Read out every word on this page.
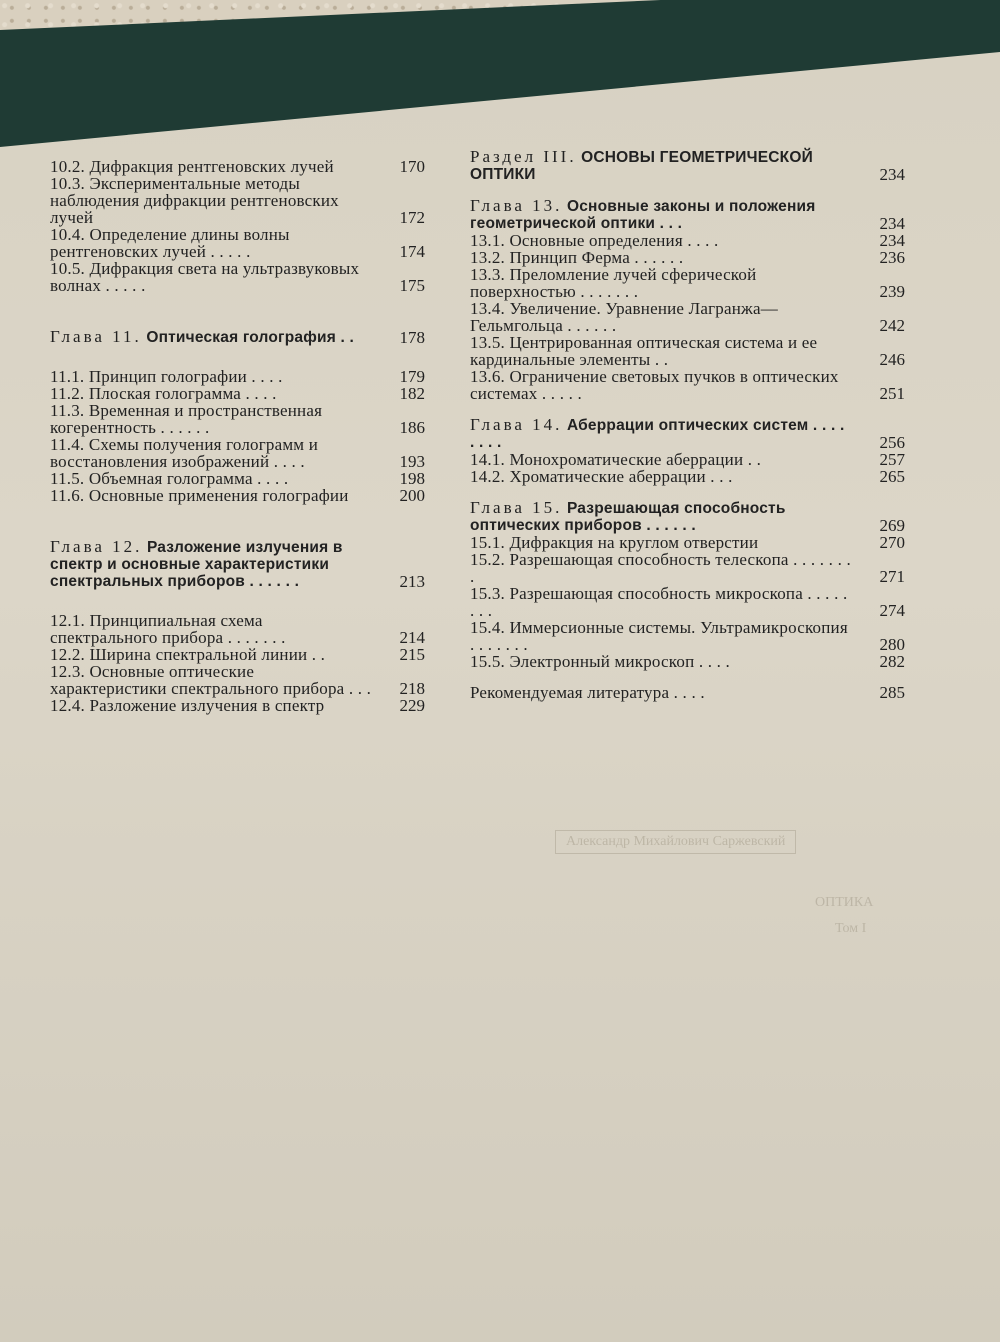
10.2. Дифракция рентгеновских лучей	170
10.3. Экспериментальные методы наблюдения дифракции рентгеновских лучей	172
10.4. Определение длины волны рентгеновских лучей . . . . .	174
10.5. Дифракция света на ультразвуковых волнах . . . . .	175
Глава 11. Оптическая голография . .	178
11.1. Принцип голографии . . . .	179
11.2. Плоская голограмма . . . .	182
11.3. Временная и пространственная когерентность . . . . . .	186
11.4. Схемы получения голограмм и восстановления изображений . . . .	193
11.5. Объемная голограмма . . . .	198
11.6. Основные применения голографии	200
Глава 12. Разложение излучения в спектр и основные характеристики спектральных приборов . . . . . .	213
12.1. Принципиальная схема спектрального прибора . . . . . . .	214
12.2. Ширина спектральной линии . .	215
12.3. Основные оптические характеристики спектрального прибора . . .	218
12.4. Разложение излучения в спектр	229
Раздел III. ОСНОВЫ ГЕОМЕТРИЧЕСКОЙ ОПТИКИ	234
Глава 13. Основные законы и положения геометрической оптики . . .	234
13.1. Основные определения . . . .	234
13.2. Принцип Ферма . . . . . .	236
13.3. Преломление лучей сферической поверхностью . . . . . . .	239
13.4. Увеличение. Уравнение Лагранжа—Гельмгольца . . . . . .	242
13.5. Центрированная оптическая система и ее кардинальные элементы . .	246
13.6. Ограничение световых пучков в оптических системах . . . . .	251
Глава 14. Аберрации оптических систем . . . . . . . .	256
14.1. Монохроматические аберрации . .	257
14.2. Хроматические аберрации . . .	265
Глава 15. Разрешающая способность оптических приборов . . . . . .	269
15.1. Дифракция на круглом отверстии	270
15.2. Разрешающая способность телескопа . . . . . . . .	271
15.3. Разрешающая способность микроскопа . . . . . . . .	274
15.4. Иммерсионные системы. Ультрамикроскопия . . . . . . .	280
15.5. Электронный микроскоп . . . .	282
Рекомендуемая литература . . . .	285
Александр Михайлович Саржевский
ОПТИКА
Том I
